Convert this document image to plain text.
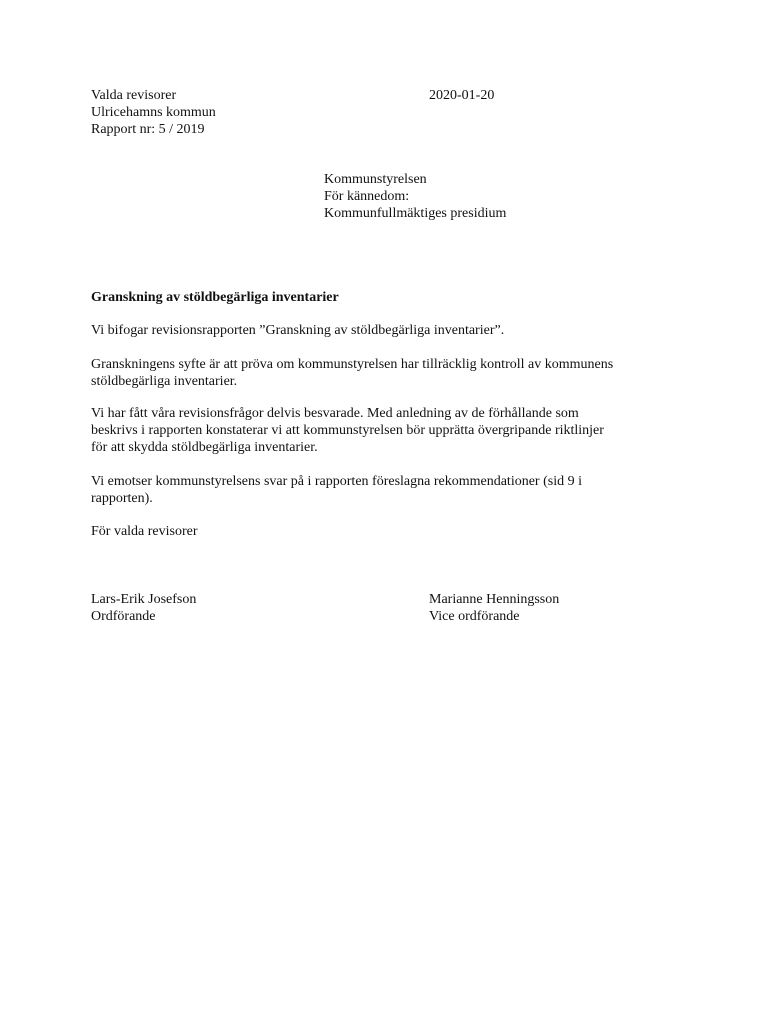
Valda revisorer
Ulricehamns kommun
Rapport nr: 5 / 2019
2020-01-20
Kommunstyrelsen
För kännedom:
Kommunfullmäktiges presidium
Granskning av stöldbegärliga inventarier
Vi bifogar revisionsrapporten ”Granskning av stöldbegärliga inventarier”.
Granskningens syfte är att pröva om kommunstyrelsen har tillräcklig kontroll av kommunens
stöldbegärliga inventarier.
Vi har fått våra revisionsfrågor delvis besvarade. Med anledning av de förhållande som
beskrivs i rapporten konstaterar vi att kommunstyrelsen bör upprätta övergripande riktlinjer
för att skydda stöldbegärliga inventarier.
Vi emotser kommunstyrelsens svar på i rapporten föreslagna rekommendationer (sid 9 i
rapporten).
För valda revisorer
Lars-Erik Josefson
Ordförande
Marianne Henningsson
Vice ordförande
